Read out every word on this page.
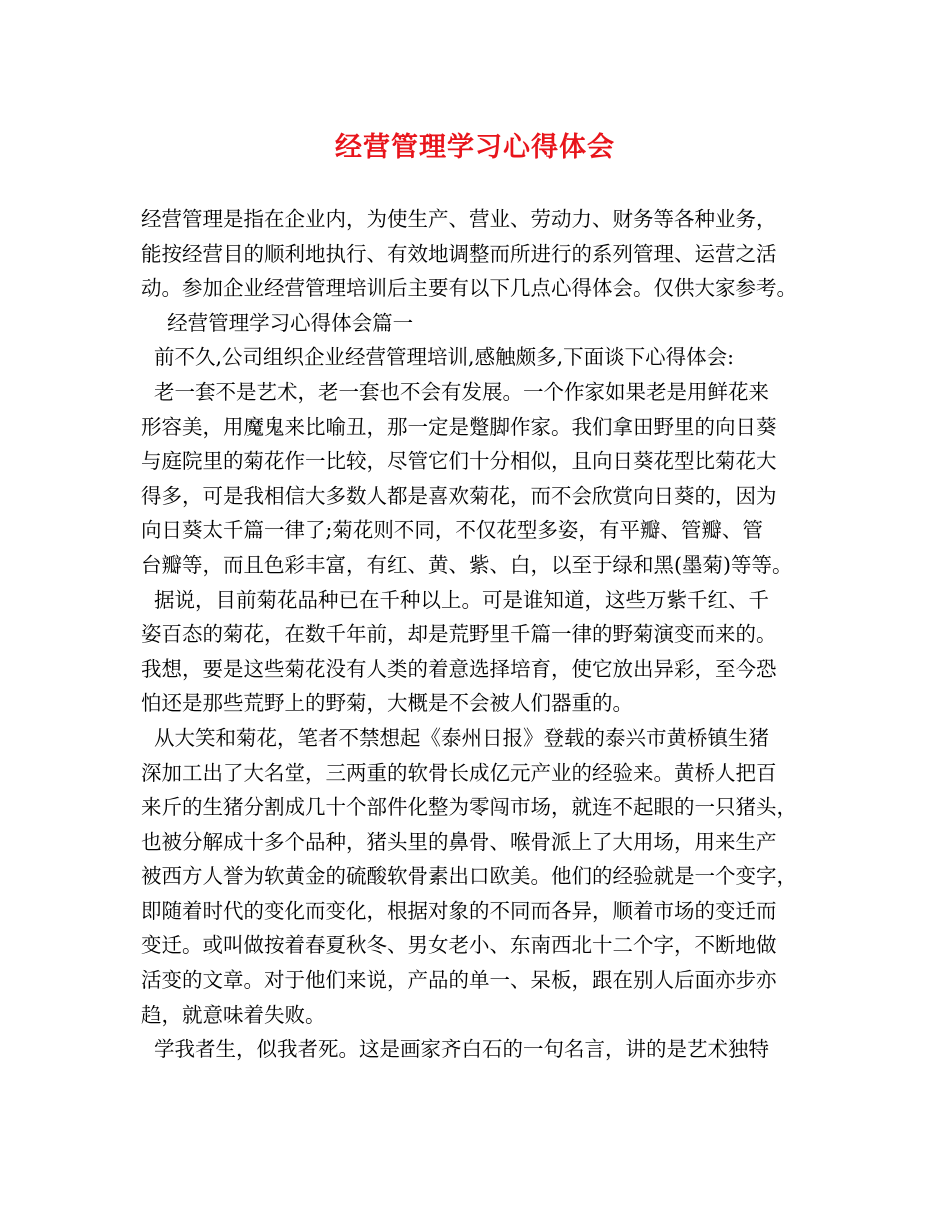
经营管理学习心得体会
经营管理是指在企业内，为使生产、营业、劳动力、财务等各种业务，
能按经营目的顺利地执行、有效地调整而所进行的系列管理、运营之活
动。参加企业经营管理培训后主要有以下几点心得体会。仅供大家参考。
经营管理学习心得体会篇一
前不久,公司组织企业经营管理培训,感触颇多,下面谈下心得体会:
老一套不是艺术，老一套也不会有发展。一个作家如果老是用鲜花来
形容美，用魔鬼来比喻丑，那一定是蹩脚作家。我们拿田野里的向日葵
与庭院里的菊花作一比较，尽管它们十分相似，且向日葵花型比菊花大
得多，可是我相信大多数人都是喜欢菊花，而不会欣赏向日葵的，因为
向日葵太千篇一律了;菊花则不同，不仅花型多姿，有平瓣、管瓣、管
台瓣等，而且色彩丰富，有红、黄、紫、白，以至于绿和黑(墨菊)等等。
据说，目前菊花品种已在千种以上。可是谁知道，这些万紫千红、千
姿百态的菊花，在数千年前，却是荒野里千篇一律的野菊演变而来的。
我想，要是这些菊花没有人类的着意选择培育，使它放出异彩，至今恐
怕还是那些荒野上的野菊，大概是不会被人们器重的。
从大笑和菊花，笔者不禁想起《泰州日报》登载的泰兴市黄桥镇生猪
深加工出了大名堂，三两重的软骨长成亿元产业的经验来。黄桥人把百
来斤的生猪分割成几十个部件化整为零闯市场，就连不起眼的一只猪头，
也被分解成十多个品种，猪头里的鼻骨、喉骨派上了大用场，用来生产
被西方人誉为软黄金的硫酸软骨素出口欧美。他们的经验就是一个变字，
即随着时代的变化而变化，根据对象的不同而各异，顺着市场的变迁而
变迁。或叫做按着春夏秋冬、男女老小、东南西北十二个字，不断地做
活变的文章。对于他们来说，产品的单一、呆板，跟在别人后面亦步亦
趋，就意味着失败。
学我者生，似我者死。这是画家齐白石的一句名言，讲的是艺术独特
